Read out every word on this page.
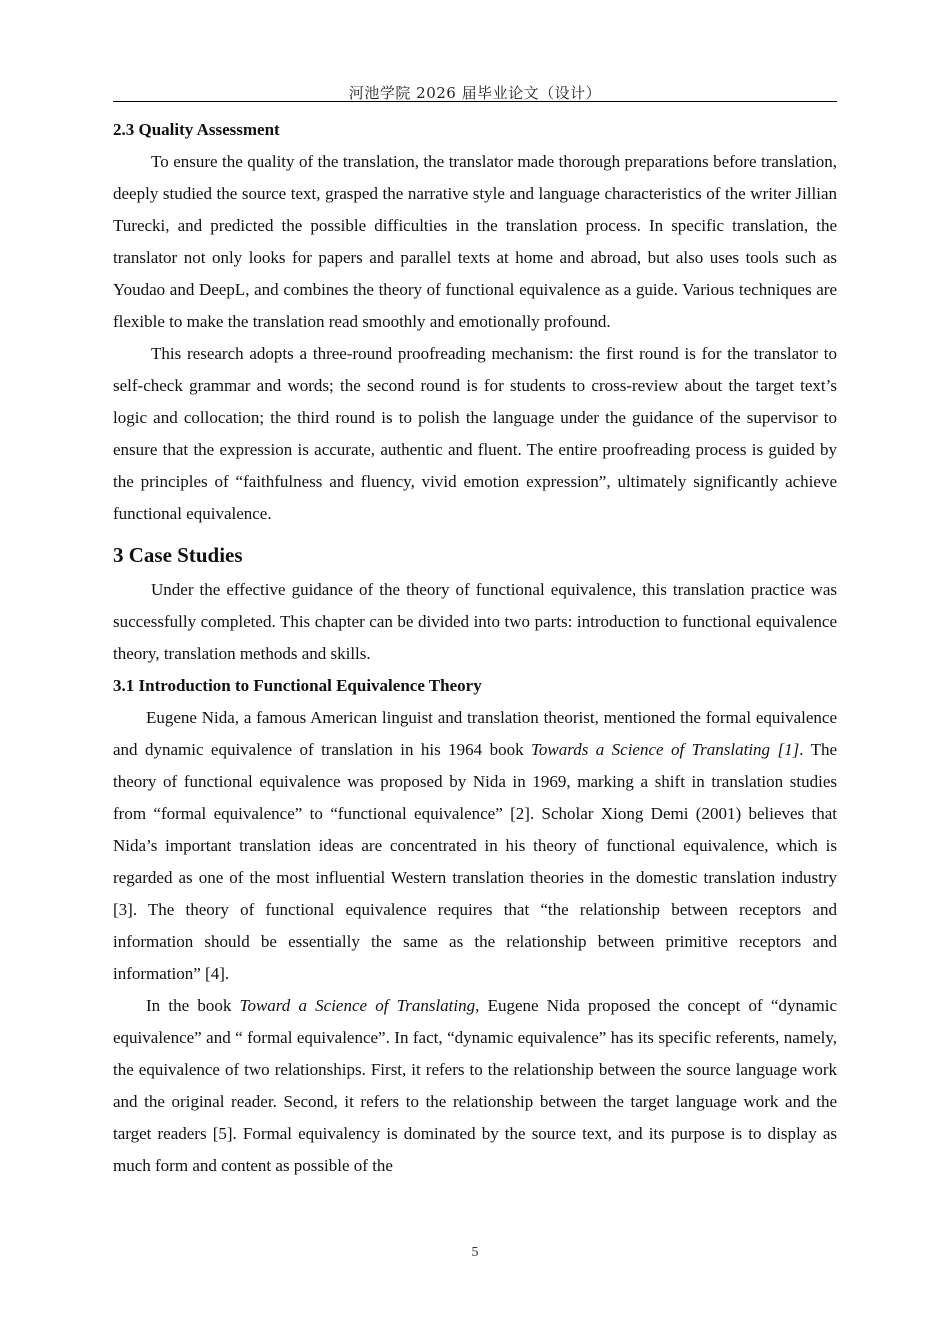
河池学院 2026 届毕业论文（设计）
2.3 Quality Assessment

To ensure the quality of the translation, the translator made thorough preparations before translation, deeply studied the source text, grasped the narrative style and language characteristics of the writer Jillian Turecki, and predicted the possible difficulties in the translation process. In specific translation, the translator not only looks for papers and parallel texts at home and abroad, but also uses tools such as Youdao and DeepL, and combines the theory of functional equivalence as a guide. Various techniques are flexible to make the translation read smoothly and emotionally profound.

This research adopts a three-round proofreading mechanism: the first round is for the translator to self-check grammar and words; the second round is for students to cross-review about the target text’s logic and collocation; the third round is to polish the language under the guidance of the supervisor to ensure that the expression is accurate, authentic and fluent. The entire proofreading process is guided by the principles of “faithfulness and fluency, vivid emotion expression”, ultimately significantly achieve functional equivalence.

3 Case Studies

Under the effective guidance of the theory of functional equivalence, this translation practice was successfully completed. This chapter can be divided into two parts: introduction to functional equivalence theory, translation methods and skills.

3.1 Introduction to Functional Equivalence Theory

Eugene Nida, a famous American linguist and translation theorist, mentioned the formal equivalence and dynamic equivalence of translation in his 1964 book Towards a Science of Translating [1]. The theory of functional equivalence was proposed by Nida in 1969, marking a shift in translation studies from “formal equivalence” to “functional equivalence” [2]. Scholar Xiong Demi (2001) believes that Nida’s important translation ideas are concentrated in his theory of functional equivalence, which is regarded as one of the most influential Western translation theories in the domestic translation industry [3]. The theory of functional equivalence requires that “the relationship between receptors and information should be essentially the same as the relationship between primitive receptors and information” [4].

In the book Toward a Science of Translating, Eugene Nida proposed the concept of “dynamic equivalence” and “ formal equivalence”. In fact, “dynamic equivalence” has its specific referents, namely, the equivalence of two relationships. First, it refers to the relationship between the source language work and the original reader. Second, it refers to the relationship between the target language work and the target readers [5]. Formal equivalency is dominated by the source text, and its purpose is to display as much form and content as possible of the

5
